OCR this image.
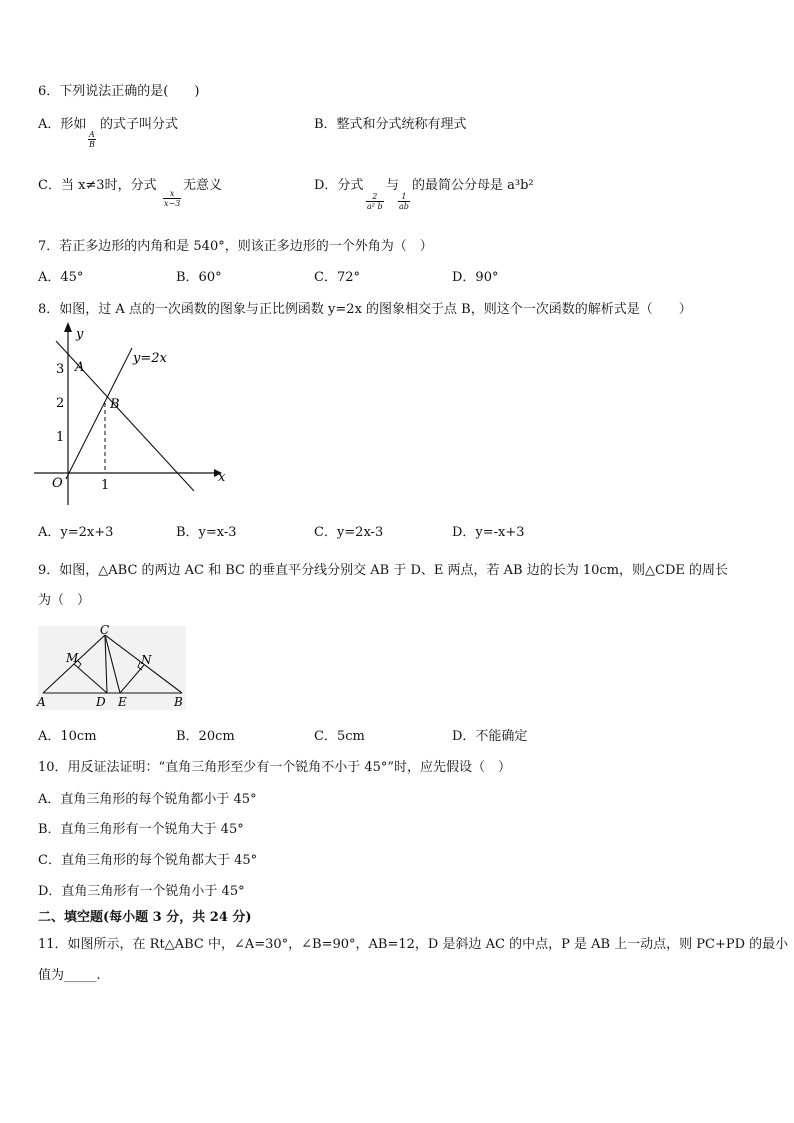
6．下列说法正确的是(　　)
A．形如
$\frac{A}{B}$
的式子叫分式	B．整式和分式统称有理式
C．当 x≠3时，分式
$\frac{x}{x-3}$
无意义	D．分式
$\frac{2}{\text{a² b}}$
与
$\frac{1}{ab}$
的最简公分母是 a³b²
7．若正多边形的内角和是 540°，则该正多边形的一个外角为（　）
A．45°	B．60°	C．72°	D．90°
8．如图，过 A 点的一次函数的图象与正比例函数 y=2x 的图象相交于点 B，则这个一次函数的解析式是（　　）
y
x
O
1
2
3
1
A
B
y=2x
A．y=2x+3	B．y=x-3	C．y=2x-3	D．y=-x+3
9．如图，△ABC 的两边 AC 和 BC 的垂直平分线分别交 AB 于 D、E 两点，若 AB 边的长为 10cm，则△CDE 的周长
为（　）
C
M	N
A	D E	B
A．10cm	B．20cm	C．5cm	D．不能确定
10．用反证法证明：“直角三角形至少有一个锐角不小于 45°”时，应先假设（　）
A．直角三角形的每个锐角都小于 45°
B．直角三角形有一个锐角大于 45°
C．直角三角形的每个锐角都大于 45°
D．直角三角形有一个锐角小于 45°
二、填空题(每小题 3 分，共 24 分)
11．如图所示，在 Rt△ABC 中，∠A=30°，∠B=90°，AB=12，D 是斜边 AC 的中点，P 是 AB 上一动点，则 PC+PD 的最小
值为_____.
